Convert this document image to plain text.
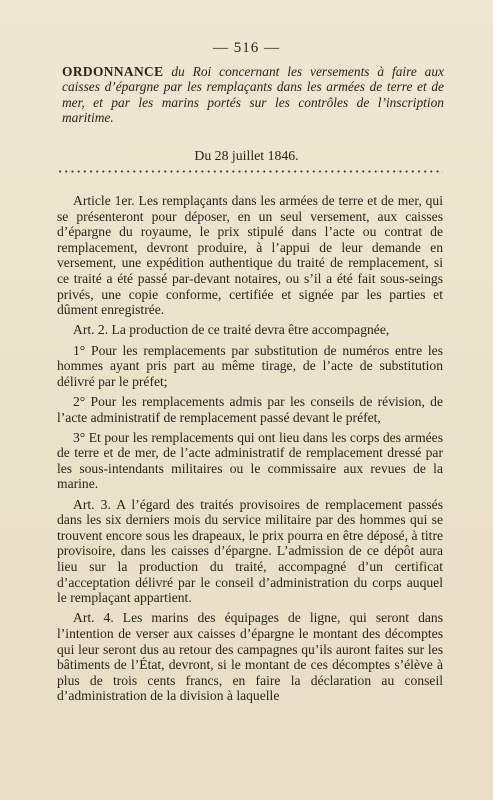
— 516 —
ORDONNANCE du Roi concernant les versements à faire aux caisses d’épargne par les remplaçants dans les armées de terre et de mer, et par les marins portés sur les contrôles de l’inscription maritime.
Du 28 juillet 1846.

Article 1er. Les remplaçants dans les armées de terre et de mer, qui se présenteront pour déposer, en un seul versement, aux caisses d’épargne du royaume, le prix stipulé dans l’acte ou contrat de remplacement, devront produire, à l’appui de leur demande en versement, une expédition authentique du traité de remplacement, si ce traité a été passé par-devant notaires, ou s’il a été fait sous-seings privés, une copie conforme, certifiée et signée par les parties et dûment enregistrée.

Art. 2. La production de ce traité devra être accompagnée,

1° Pour les remplacements par substitution de numéros entre les hommes ayant pris part au même tirage, de l’acte de substitution délivré par le préfet;

2° Pour les remplacements admis par les conseils de révision, de l’acte administratif de remplacement passé devant le préfet,

3° Et pour les remplacements qui ont lieu dans les corps des armées de terre et de mer, de l’acte administratif de remplacement dressé par les sous-intendants militaires ou le commissaire aux revues de la marine.

Art. 3. A l’égard des traités provisoires de remplacement passés dans les six derniers mois du service militaire par des hommes qui se trouvent encore sous les drapeaux, le prix pourra en être déposé, à titre provisoire, dans les caisses d’épargne. L’admission de ce dépôt aura lieu sur la production du traité, accompagné d’un certificat d’acceptation délivré par le conseil d’administration du corps auquel le remplaçant appartient.

Art. 4. Les marins des équipages de ligne, qui seront dans l’intention de verser aux caisses d’épargne le montant des décomptes qui leur seront dus au retour des campagnes qu’ils auront faites sur les bâtiments de l’État, devront, si le montant de ces décomptes s’élève à plus de trois cents francs, en faire la déclaration au conseil d’administration de la division à laquelle
